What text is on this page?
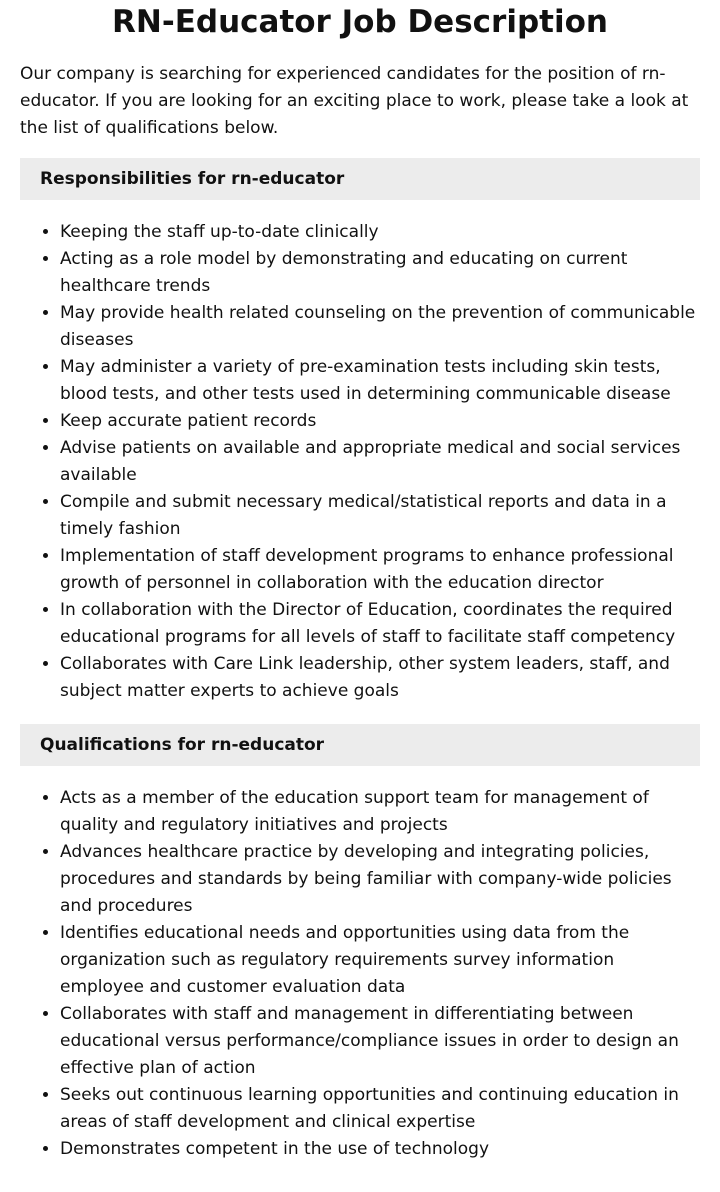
RN-Educator Job Description

Our company is searching for experienced candidates for the position of rn-educator. If you are looking for an exciting place to work, please take a look at the list of qualifications below.

Responsibilities for rn-educator
• Keeping the staff up-to-date clinically
• Acting as a role model by demonstrating and educating on current healthcare trends
• May provide health related counseling on the prevention of communicable diseases
• May administer a variety of pre-examination tests including skin tests, blood tests, and other tests used in determining communicable disease
• Keep accurate patient records
• Advise patients on available and appropriate medical and social services available
• Compile and submit necessary medical/statistical reports and data in a timely fashion
• Implementation of staff development programs to enhance professional growth of personnel in collaboration with the education director
• In collaboration with the Director of Education, coordinates the required educational programs for all levels of staff to facilitate staff competency
• Collaborates with Care Link leadership, other system leaders, staff, and subject matter experts to achieve goals
Qualifications for rn-educator
• Acts as a member of the education support team for management of quality and regulatory initiatives and projects
• Advances healthcare practice by developing and integrating policies, procedures and standards by being familiar with company-wide policies and procedures
• Identifies educational needs and opportunities using data from the organization such as regulatory requirements survey information employee and customer evaluation data
• Collaborates with staff and management in differentiating between educational versus performance/compliance issues in order to design an effective plan of action
• Seeks out continuous learning opportunities and continuing education in areas of staff development and clinical expertise
• Demonstrates competent in the use of technology
